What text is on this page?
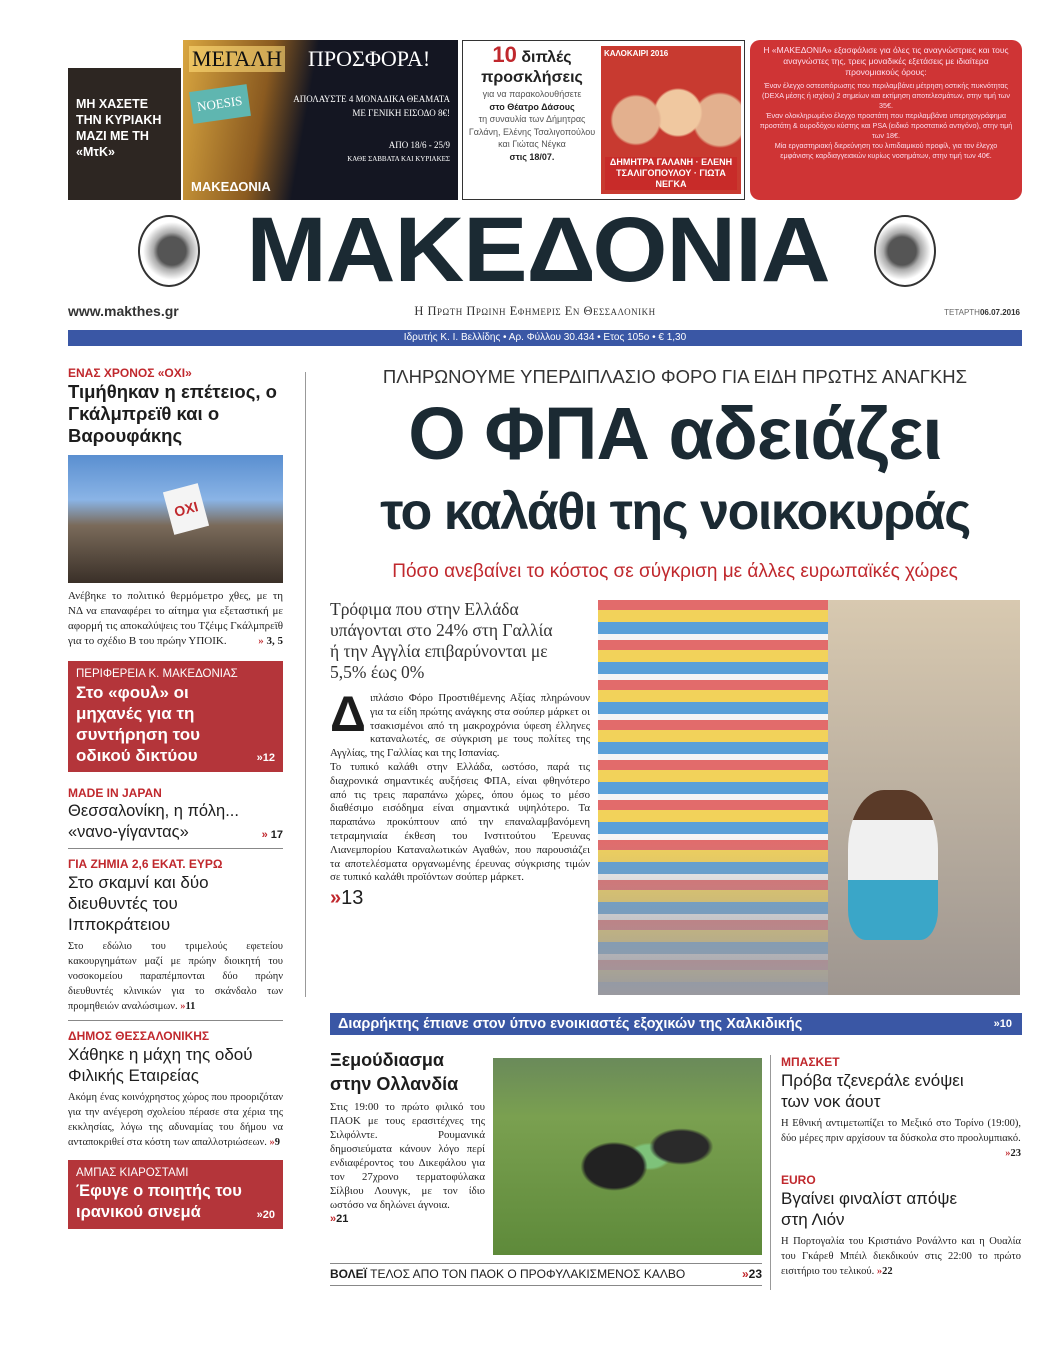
ΜΗ ΧΑΣΕΤΕ ΤΗΝ ΚΥΡΙΑΚΗ ΜΑΖΙ ΜΕ ΤΗ «ΜτΚ»
ΜΕΓΑΛΗ ΠΡΟΣΦΟΡΑ!
NOESIS	ΑΠΟΛΑΥΣΤΕ 4 ΜΟΝΑΔΙΚΑ ΘΕΑΜΑΤΑ
ΜΕ ΓΕΝΙΚΗ ΕΙΣΟΔΟ 8€!
ΑΠΟ 18/6 - 25/9
ΚΑΘΕ ΣΑΒΒΑΤΑ ΚΑΙ ΚΥΡΙΑΚΕΣ
ΜΑΚΕΔΟΝΙΑ
10 διπλές
προσκλήσεις
για να παρακολουθήσετε
στο Θέατρο Δάσους
τη συναυλία των Δήμητρας Γαλάνη, Ελένης Τσαλιγοπούλου και Γιώτας Νέγκα
στις 18/07.
ΚΑΛΟΚΑΙΡΙ 2016
ΔΗΜΗΤΡΑ ΓΑΛΑΝΗ · ΕΛΕΝΗ ΤΣΑΛΙΓΟΠΟΥΛΟΥ · ΓΙΩΤΑ ΝΕΓΚΑ
Η «ΜΑΚΕΔΟΝΙΑ» εξασφάλισε για όλες τις αναγνώστριες και τους αναγνώστες της, τρεις μοναδικές εξετάσεις με ιδιαίτερα προνομιακούς όρους:
Έναν έλεγχο οστεοπόρωσης που περιλαμβάνει μέτρηση οστικής πυκνότητας (DEXA μέσης ή ισχίου) 2 σημείων και εκτίμηση αποτελεσμάτων, στην τιμή των 35€.
Έναν ολοκληρωμένο έλεγχο προστάτη που περιλαμβάνει υπερηχογράφημα προστάτη & ουροδόχου κύστης και PSA (ειδικό προστατικό αντιγόνο), στην τιμή των 18€.
Μία εργαστηριακή διερεύνηση του λιπιδαιμικού προφίλ, για τον έλεγχο εμφάνισης καρδιαγγειακών κυρίως νοσημάτων, στην τιμή των 40€.
ΜΑΚΕΔΟΝΙΑ
www.makthes.gr	Η Πρωτη Πρωινη Εφημερις Εν Θεσσαλονικη	ΤΕΤΑΡΤΗ06.07.2016
Ιδρυτής Κ. Ι. Βελλίδης • Αρ. Φύλλου 30.434 • Ετος 105ο • € 1,30
ΕΝΑΣ ΧΡΟΝΟΣ «ΟΧΙ»
Τιμήθηκαν η επέτειος, ο Γκάλμπρεϊθ και ο Βαρουφάκης
ΟΧΙ
Ανέβηκε το πολιτικό θερμόμετρο χθες, με τη ΝΔ να επαναφέρει το αίτημα για εξεταστική με αφορμή τις αποκαλύψεις του Τζέιμς Γκάλμπρεϊθ για το σχέδιο Β του πρώην ΥΠΟΙΚ.	» 3, 5
ΠΕΡΙΦΕΡΕΙΑ Κ. ΜΑΚΕΔΟΝΙΑΣ
Στο «φουλ» οι μηχανές για τη συντήρηση του οδικού δικτύου	»12
MADE IN JAPAN
Θεσσαλονίκη, η πόλη... «νανο-γίγαντας»	» 17
ΓΙΑ ΖΗΜΙΑ 2,6 ΕΚΑΤ. ΕΥΡΩ
Στο σκαμνί και δύο διευθυντές του Ιπποκράτειου
Στο εδώλιο του τριμελούς εφετείου κακουργημάτων μαζί με πρώην διοικητή του νοσοκομείου παραπέμπονται δύο πρώην διευθυντές κλινικών για το σκάνδαλο των προμηθειών αναλώσιμων. »11
ΔΗΜΟΣ ΘΕΣΣΑΛΟΝΙΚΗΣ
Χάθηκε η μάχη της οδού Φιλικής Εταιρείας
Ακόμη ένας κοινόχρηστος χώρος που προοριζόταν για την ανέγερση σχολείου πέρασε στα χέρια της εκκλησίας, λόγω της αδυναμίας του δήμου να ανταποκριθεί στα κόστη των απαλλοτριώσεων. »9
ΑΜΠΑΣ ΚΙΑΡΟΣΤΑΜΙ
Έφυγε ο ποιητής του ιρανικού σινεμά	»20
ΠΛΗΡΩΝΟΥΜΕ ΥΠΕΡΔΙΠΛΑΣΙΟ ΦΟΡΟ ΓΙΑ ΕΙΔΗ ΠΡΩΤΗΣ ΑΝΑΓΚΗΣ
Ο ΦΠΑ αδειάζει
το καλάθι της νοικοκυράς
Πόσο ανεβαίνει το κόστος σε σύγκριση με άλλες ευρωπαϊκές χώρες
Τρόφιμα που στην Ελλάδα υπάγονται στο 24% στη Γαλλία ή την Αγγλία επιβαρύνονται με 5,5% έως 0%
Δ ιπλάσιο Φόρο Προστιθέμενης Αξίας πληρώνουν για τα είδη πρώτης ανάγκης στα σούπερ μάρκετ οι τσακισμένοι από τη μακροχρόνια ύφεση έλληνες καταναλωτές, σε σύγκριση με τους πολίτες της Αγγλίας, της Γαλλίας και της Ισπανίας.
Το τυπικό καλάθι στην Ελλάδα, ωστόσο, παρά τις διαχρονικά σημαντικές αυξήσεις ΦΠΑ, είναι φθηνότερο από τις τρεις παραπάνω χώρες, όπου όμως το μέσο διαθέσιμο εισόδημα είναι σημαντικά υψηλότερο. Τα παραπάνω προκύπτουν από την επαναλαμβανόμενη τετραμηνιαία έκθεση του Ινστιτούτου Έρευνας Λιανεμπορίου Καταναλωτικών Αγαθών, που παρουσιάζει τα αποτελέσματα οργανωμένης έρευνας σύγκρισης τιμών σε τυπικό καλάθι προϊόντων σούπερ μάρκετ.
»13
Διαρρήκτης έπιανε στον ύπνο ενοικιαστές εξοχικών της Χαλκιδικής	»10
Ξεμούδιασμα στην Ολλανδία
Στις 19:00 το πρώτο φιλικό του ΠΑΟΚ με τους ερασιτέχνες της Σιλφόλντε. Ρουμανικά δημοσιεύματα κάνουν λόγο περί ενδιαφέροντος του Δικεφάλου για τον 27χρονο τερματοφύλακα Σίλβιου Λουνγκ, με τον ίδιο ωστόσο να δηλώνει άγνοια.
»21
ΒΟΛΕΪ ΤΕΛΟΣ ΑΠΟ ΤΟΝ ΠΑΟΚ Ο ΠΡΟΦΥΛΑΚΙΣΜΕΝΟΣ ΚΑΛΒΟ	»23
ΜΠΑΣΚΕΤ
Πρόβα τζενεράλε ενόψει των νοκ άουτ
Η Εθνική αντιμετωπίζει το Μεξικό στο Τορίνο (19:00), δύο μέρες πριν αρχίσουν τα δύσκολα στο προολυμπιακό.
»23
EURO
Βγαίνει φιναλίστ απόψε στη Λιόν
Η Πορτογαλία του Κριστιάνο Ρονάλντο και η Ουαλία του Γκάρεθ Μπέιλ διεκδικούν στις 22:00 το πρώτο εισιτήριο του τελικού. »22
